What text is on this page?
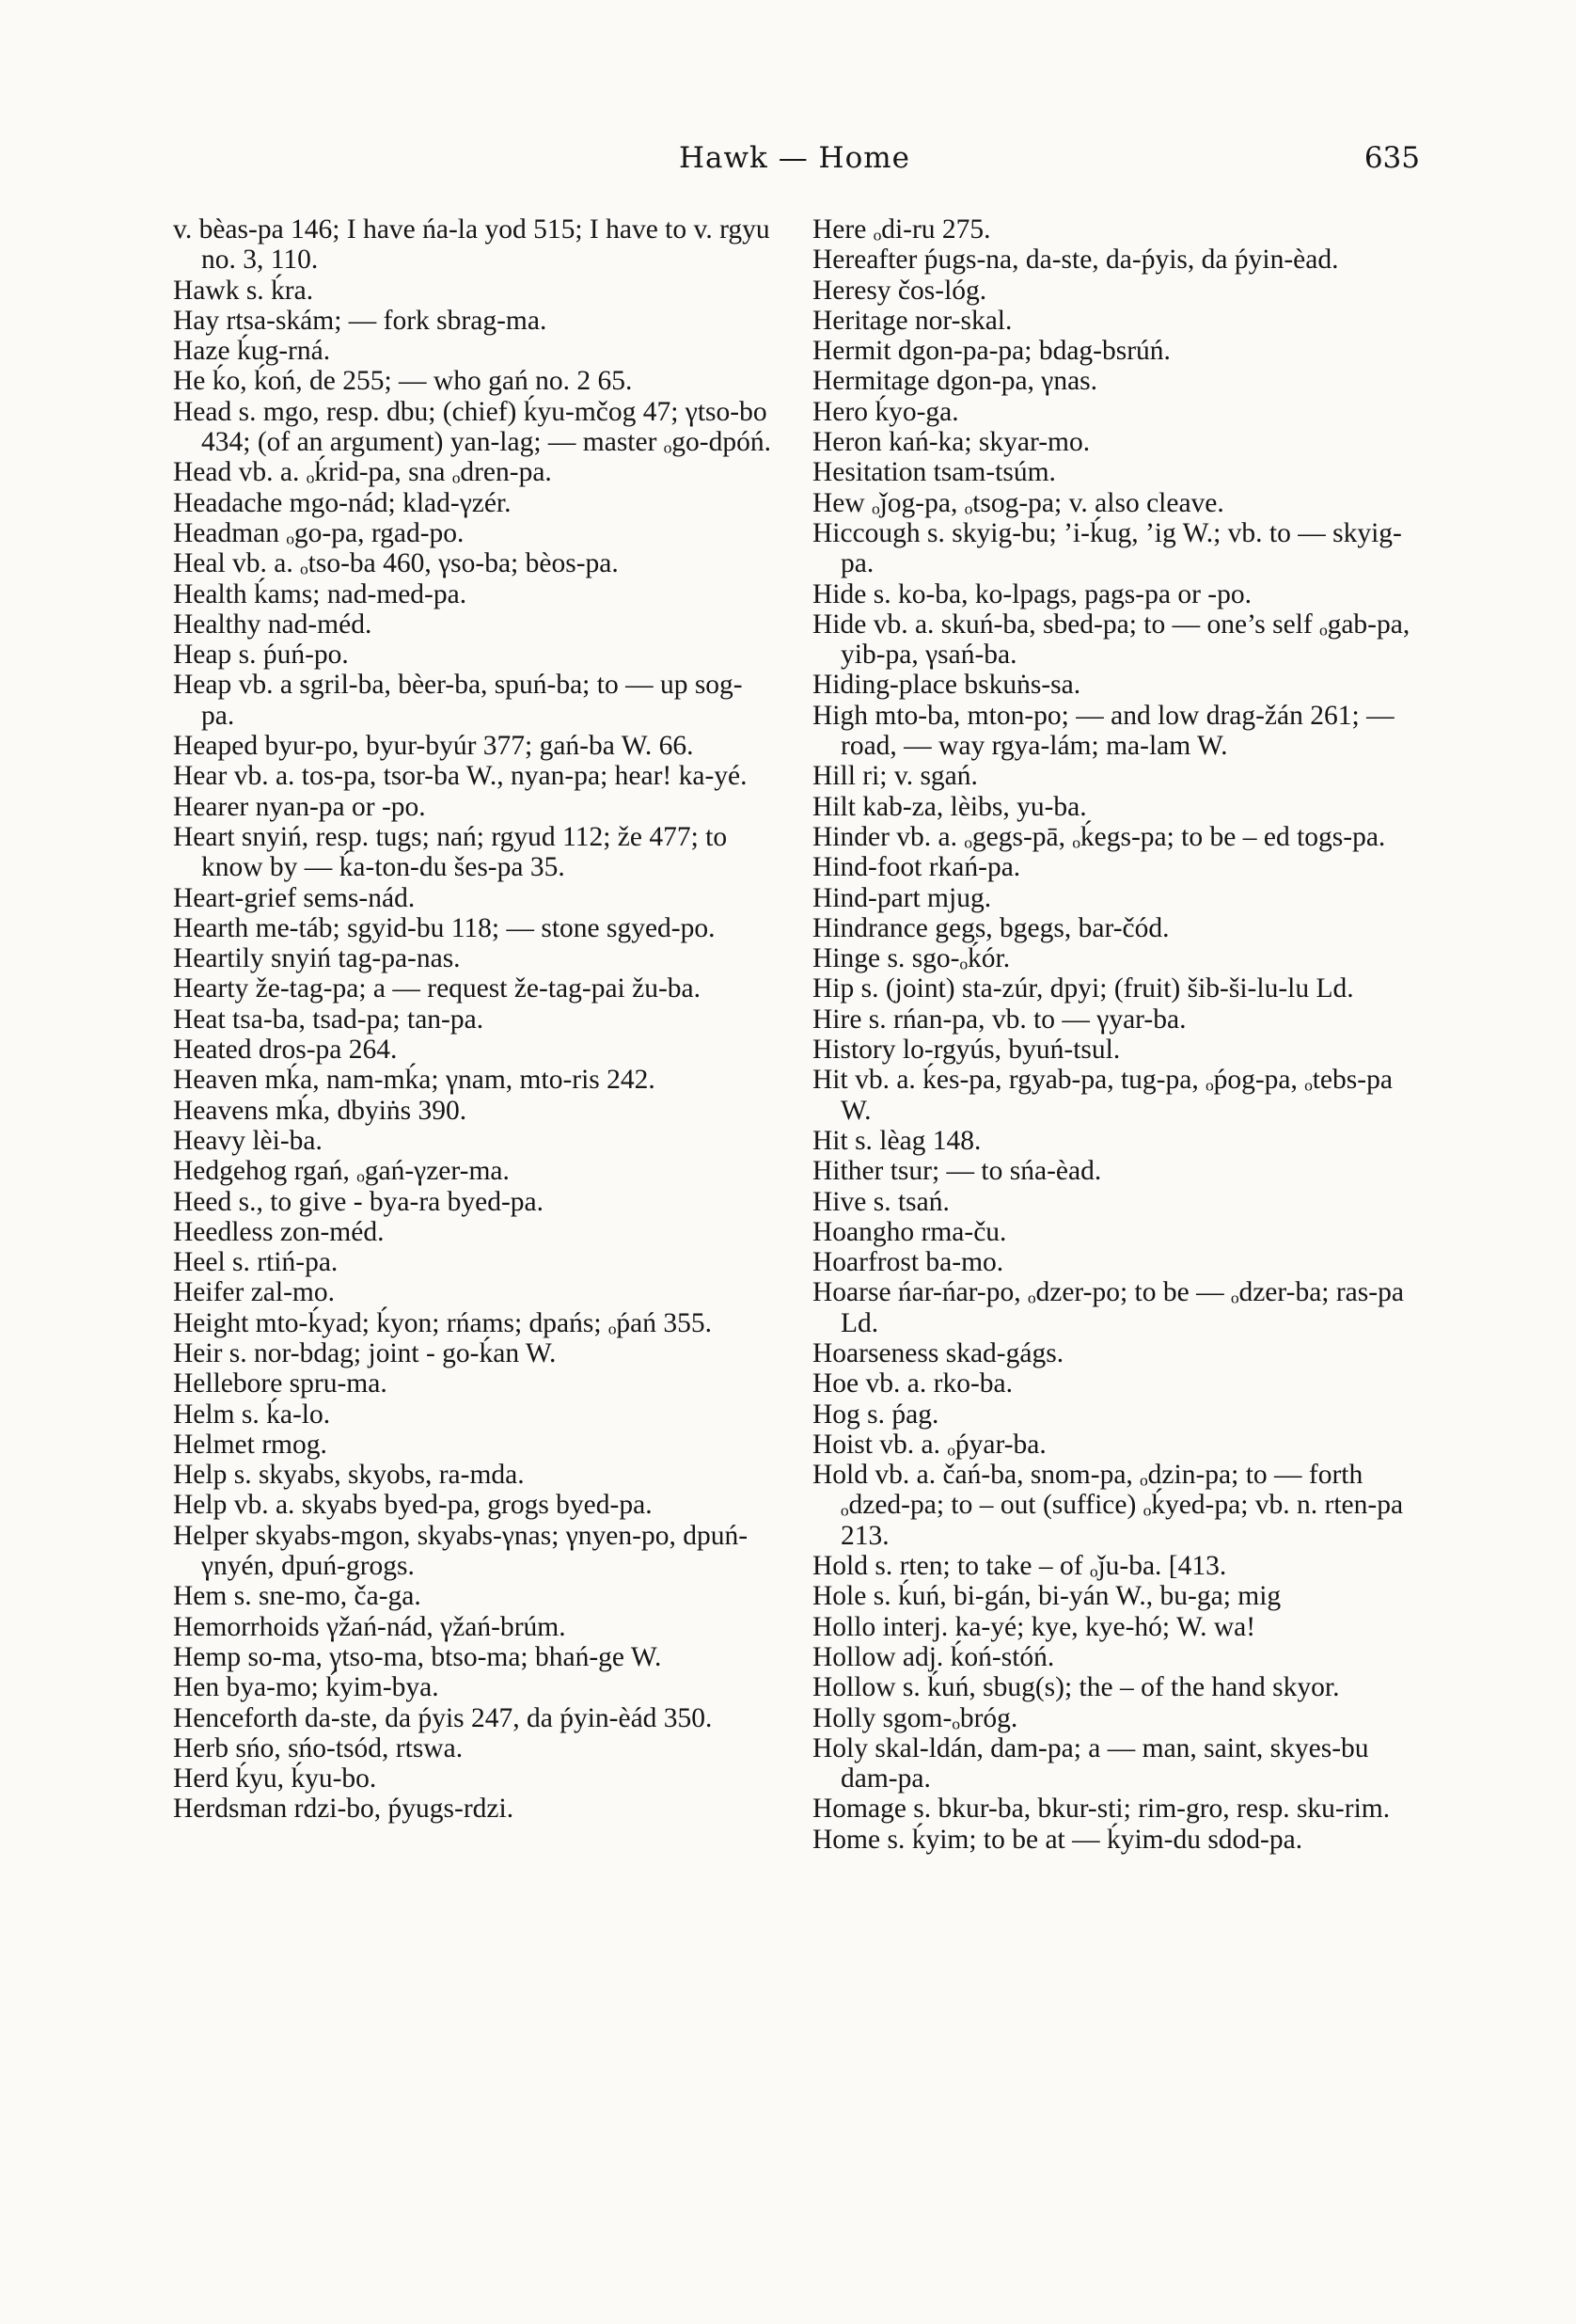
Hawk — Home	635
v. bèas-pa 146; I have ńa-la yod 515; I have to v. rgyu no. 3, 110.
Hawk s. ḱra.
Hay rtsa-skám; — fork sbrag-ma.
Haze ḱug-rná.
He ḱo, ḱoń, de 255; — who gań no. 2 65.
Head s. mgo, resp. dbu; (chief) ḱyu-mčog 47; γtso-bo 434; (of an argument) yan-lag; — master ₒgo-dpóń.
Head vb. a. ₒḱrid-pa, sna ₒdren-pa.
Headache mgo-nád; klad-γzér.
Headman ₒgo-pa, rgad-po.
Heal vb. a. ₒtso-ba 460, γso-ba; bèos-pa.
Health ḱams; nad-med-pa.
Healthy nad-méd.
Heap s. ṕuń-po.
Heap vb. a sgril-ba, bèer-ba, spuń-ba; to — up sog-pa.
Heaped byur-po, byur-byúr 377; gań-ba W. 66.
Hear vb. a. tos-pa, tsor-ba W., nyan-pa; hear! ka-yé.
Hearer nyan-pa or -po.
Heart snyiń, resp. tugs; nań; rgyud 112; že 477; to know by — ḱa-ton-du šes-pa 35.
Heart-grief sems-nád.
Hearth me-táb; sgyid-bu 118; — stone sgyed-po.
Heartily snyiń tag-pa-nas.
Hearty že-tag-pa; a — request že-tag-pai žu-ba.
Heat tsa-ba, tsad-pa; tan-pa.
Heated dros-pa 264.
Heaven mḱa, nam-mḱa; γnam, mto-ris 242.
Heavens mḱa, dbyiṅs 390.
Heavy lèi-ba.
Hedgehog rgań, ₒgań-γzer-ma.
Heed s., to give - bya-ra byed-pa.
Heedless zon-méd.
Heel s. rtiń-pa.
Heifer zal-mo.
Height mto-ḱyad; ḱyon; rńams; dpańs; ₒṕań 355.
Heir s. nor-bdag; joint - go-ḱan W.
Hellebore spru-ma.
Helm s. ḱa-lo.
Helmet rmog.
Help s. skyabs, skyobs, ra-mda.
Help vb. a. skyabs byed-pa, grogs byed-pa.
Helper skyabs-mgon, skyabs-γnas; γnyen-po, dpuń-γnyén, dpuń-grogs.
Hem s. sne-mo, ča-ga.
Hemorrhoids γžań-nád, γžań-brúm.
Hemp so-ma, γtso-ma, btso-ma; bhań-ge W.
Hen bya-mo; ḱyim-bya.
Henceforth da-ste, da ṕyis 247, da ṕyin-èád 350.
Herb sńo, sńo-tsód, rtswa.
Herd ḱyu, ḱyu-bo.
Herdsman rdzi-bo, ṕyugs-rdzi.
Here ₒdi-ru 275.
Hereafter ṕugs-na, da-ste, da-ṕyis, da ṕyin-èad.
Heresy čos-lóg.
Heritage nor-skal.
Hermit dgon-pa-pa; bdag-bsrúń.
Hermitage dgon-pa, γnas.
Hero ḱyo-ga.
Heron kań-ka; skyar-mo.
Hesitation tsam-tsúm.
Hew ₒǰog-pa, ₒtsog-pa; v. also cleave.
Hiccough s. skyig-bu; ’i-ḱug, ’ig W.; vb. to — skyig-pa.
Hide s. ko-ba, ko-lpags, pags-pa or -po.
Hide vb. a. skuń-ba, sbed-pa; to — one’s self ₒgab-pa, yib-pa, γsań-ba.
Hiding-place bskuṅs-sa.
High mto-ba, mton-po; — and low drag-žán 261; — road, — way rgya-lám; ma-lam W.
Hill ri; v. sgań.
Hilt kab-za, lèibs, yu-ba.
Hinder vb. a. ₒgegs-pā, ₒḱegs-pa; to be – ed togs-pa.
Hind-foot rkań-pa.
Hind-part mjug.
Hindrance gegs, bgegs, bar-čód.
Hinge s. sgo-ₒḱór.
Hip s. (joint) sta-zúr, dpyi; (fruit) šib-ši-lu-lu Ld.
Hire s. rńan-pa, vb. to — γyar-ba.
History lo-rgyús, byuń-tsul.
Hit vb. a. ḱes-pa, rgyab-pa, tug-pa, ₒṕog-pa, ₒtebs-pa W.
Hit s. lèag 148.
Hither tsur; — to sńa-èad.
Hive s. tsań.
Hoangho rma-ču.
Hoarfrost ba-mo.
Hoarse ńar-ńar-po, ₒdzer-po; to be — ₒdzer-ba; ras-pa Ld.
Hoarseness skad-gágs.
Hoe vb. a. rko-ba.
Hog s. ṕag.
Hoist vb. a. ₒṕyar-ba.
Hold vb. a. čań-ba, snom-pa, ₒdzin-pa; to — forth ₒdzed-pa; to – out (suffice) ₒḱyed-pa; vb. n. rten-pa 213.
Hold s. rten; to take – of ₒǰu-ba. [413.
Hole s. ḱuń, bi-gán, bi-yán W., bu-ga; mig
Hollo interj. ka-yé; kye, kye-hó; W. wa!
Hollow adj. ḱoń-stóń.
Hollow s. ḱuń, sbug(s); the – of the hand skyor.
Holly sgom-ₒbróg.
Holy skal-ldán, dam-pa; a — man, saint, skyes-bu dam-pa.
Homage s. bkur-ba, bkur-sti; rim-gro, resp. sku-rim.
Home s. ḱyim; to be at — ḱyim-du sdod-pa.
